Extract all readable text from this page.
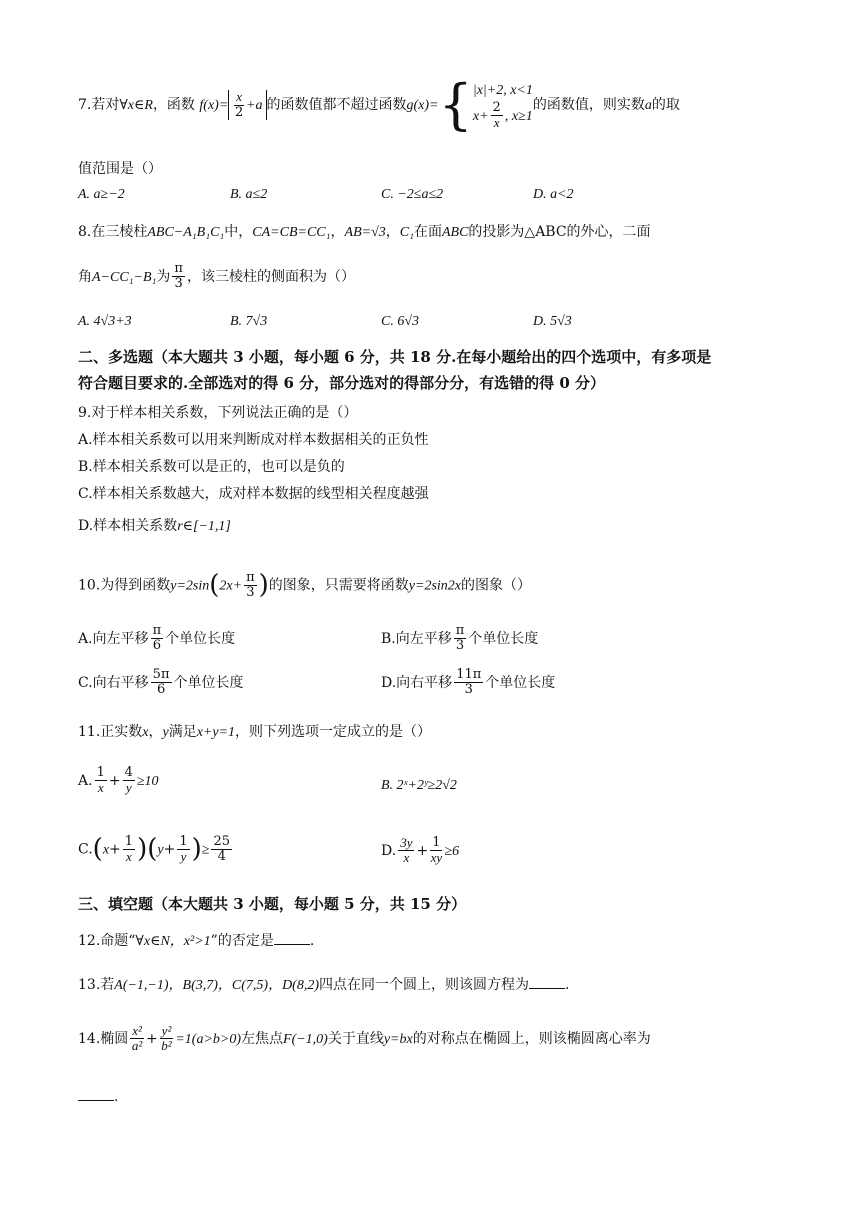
7.若对∀x∈R，函数 $f(x)= \frac{x}{2} +a$ 的函数值都不超过函数g(x)={ |x|+2, x<1
$x+ \frac{2}{x}$ , x≥1
的函数值，则实数a的取
值范围是（）
A. a≥−2	B. a≤2	C. −2≤a≤2	D. a<2
8.在三棱柱ABC−A₁B₁C₁中，CA=CB=CC₁，AB=√3，C₁在面ABC的投影为△ABC的外心，二面
角A−CC₁−B₁为 $\frac{\pi}{3}$ ，该三棱柱的侧面积为（）
A. 4√3+3	B. 7√3	C. 6√3	D. 5√3
二、多选题（本大题共 3 小题，每小题 6 分，共 18 分.在每小题给出的四个选项中，有多项是
符合题目要求的.全部选对的得 6 分，部分选对的得部分分，有选错的得 0 分）
9.对于样本相关系数，下列说法正确的是（）
A.样本相关系数可以用来判断成对样本数据相关的正负性
B.样本相关系数可以是正的，也可以是负的
C.样本相关系数越大，成对样本数据的线型相关程度越强
D.样本相关系数r∈[−1,1]
10.为得到函数$y=2\sin(2x+ \frac{\pi}{3}$ )的图象，只需要将函数y=2sin2x的图象（）
A.向左平移 $\frac{\pi}{6}$ 个单位长度	B.向左平移 $\frac{\pi}{3}$ 个单位长度
C.向右平移 $\frac{5\pi}{6}$ 个单位长度	D.向右平移 $\frac{11\pi}{3}$ 个单位长度
11.正实数x，y满足x+y=1，则下列选项一定成立的是（）
A. $\frac{1}{x} + \frac{4}{y} \ge 10$	B. 2ˣ+2ʸ≥2√2
$C.(x+ \frac{1}{x} )(y+ \frac{1}{y}$ )≥ $\frac{25}{4}$	D. $\frac{3y}{x} + \frac{1}{xy} \ge 6$
三、填空题（本大题共 3 小题，每小题 5 分，共 15 分）
12.命题“∀x∈N，x²>1”的否定是	.
13.若A(−1,−1)，B(3,7)，C(7,5)，D(8,2)四点在同一个圆上，则该圆方程为	.
14.椭圆 $\frac{\text{x²}}{\text{a²}} + \frac{\text{y²}}{\text{b²}} =1(a>b>0)$左焦点F(−1,0)关于直线y=bx的对称点在椭圆上，则该椭圆离心率为
.
